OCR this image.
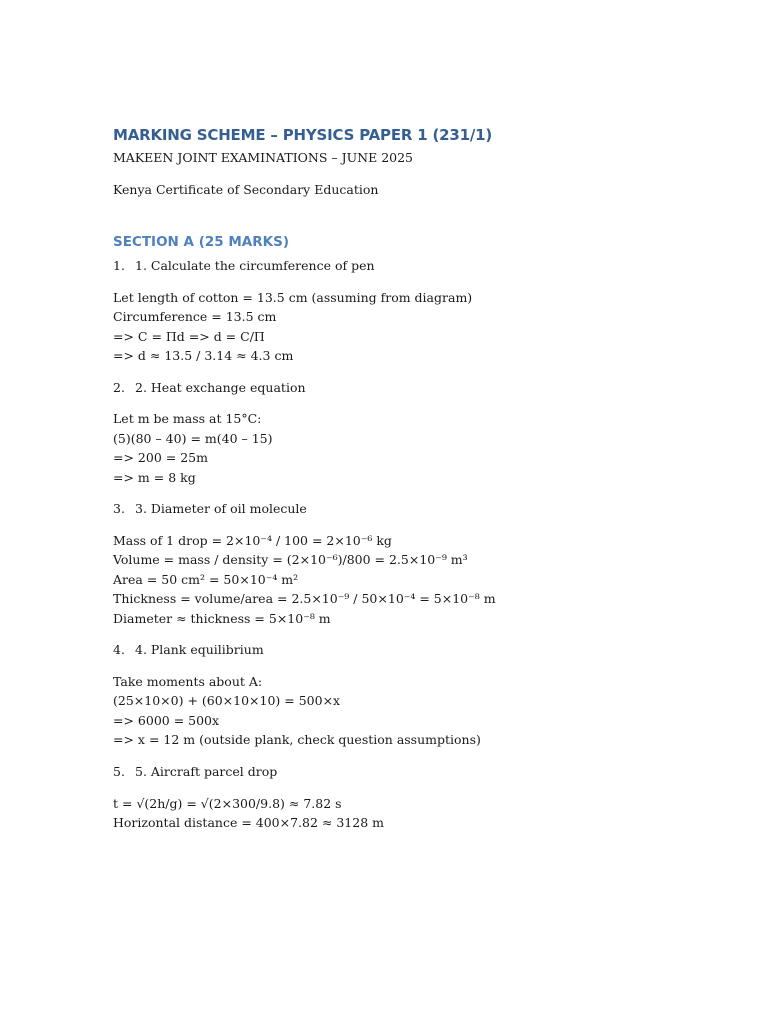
MARKING SCHEME – PHYSICS PAPER 1 (231/1)
MAKEEN JOINT EXAMINATIONS – JUNE 2025
Kenya Certificate of Secondary Education
SECTION A (25 MARKS)
1. 1. Calculate the circumference of pen
Let length of cotton = 13.5 cm (assuming from diagram)
Circumference = 13.5 cm
=> C = Πd => d = C/Π
=> d ≈ 13.5 / 3.14 ≈ 4.3 cm
2. 2. Heat exchange equation
Let m be mass at 15°C:
(5)(80 – 40) = m(40 – 15)
=> 200 = 25m
=> m = 8 kg
3. 3. Diameter of oil molecule
Mass of 1 drop = 2×10⁻⁴ / 100 = 2×10⁻⁶ kg
Volume = mass / density = (2×10⁻⁶)/800 = 2.5×10⁻⁹ m³
Area = 50 cm² = 50×10⁻⁴ m²
Thickness = volume/area = 2.5×10⁻⁹ / 50×10⁻⁴ = 5×10⁻⁸ m
Diameter ≈ thickness = 5×10⁻⁸ m
4. 4. Plank equilibrium
Take moments about A:
(25×10×0) + (60×10×10) = 500×x
=> 6000 = 500x
=> x = 12 m (outside plank, check question assumptions)
5. 5. Aircraft parcel drop
t = √(2h/g) = √(2×300/9.8) ≈ 7.82 s
Horizontal distance = 400×7.82 ≈ 3128 m
